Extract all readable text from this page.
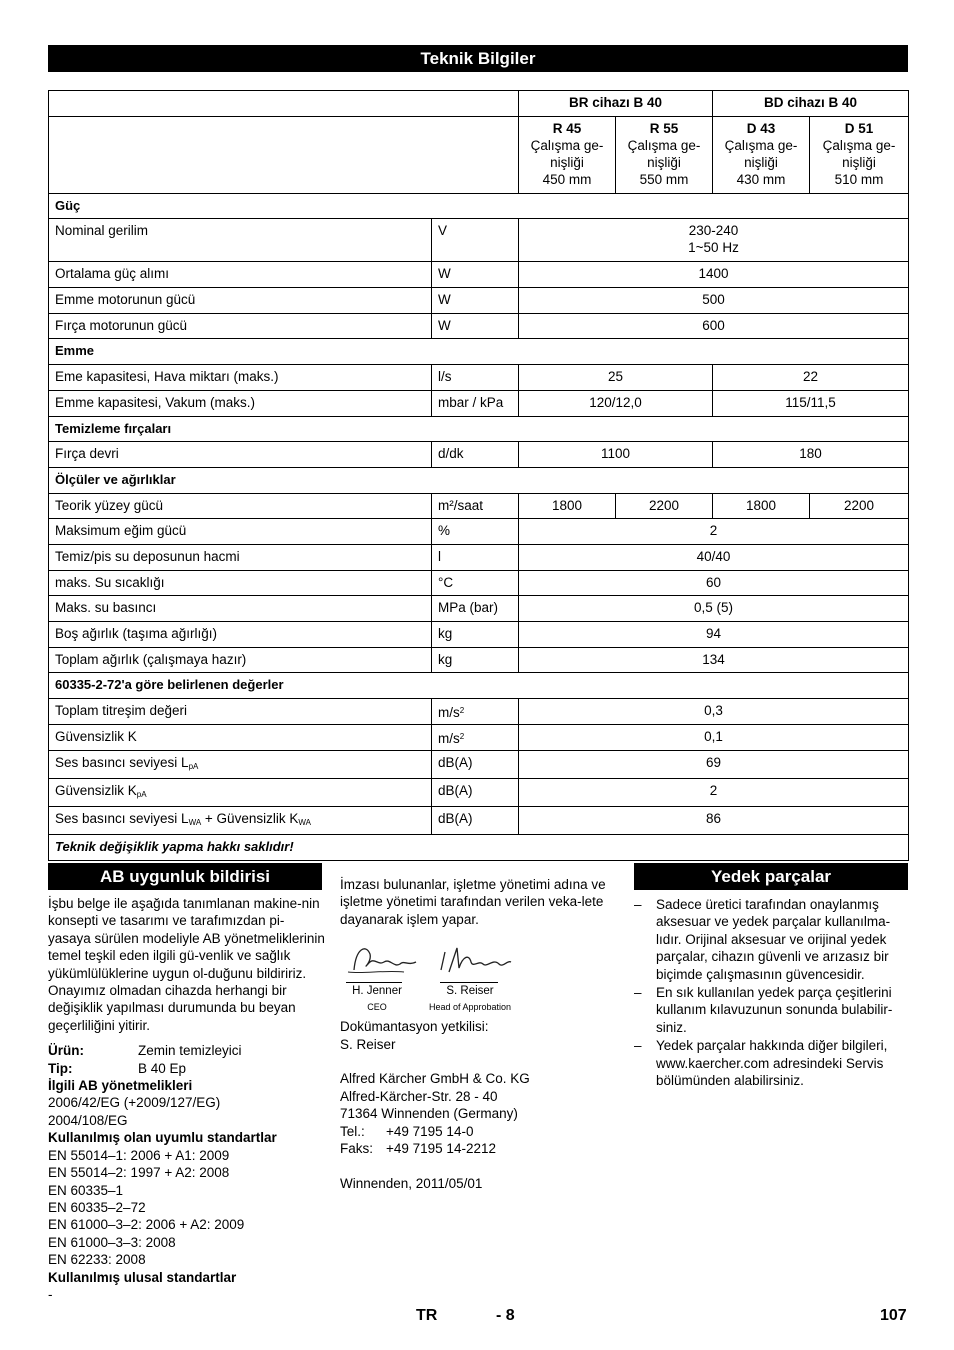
Teknik Bilgiler
		BR cihazı B 40		BD cihazı B 40	
		R 45
Çalışma ge-
nişliği
450 mm	R 55
Çalışma ge-
nişliği
550 mm	D 43
Çalışma ge-
nişliği
430 mm	D 51
Çalışma ge-
nişliği
510 mm
Güç					
Nominal gerilim	V	230-240
1~50 Hz			
Ortalama güç alımı	W	1400			
Emme motorunun gücü	W	500			
Fırça motorunun gücü	W	600			
Emme					
Eme kapasitesi, Hava miktarı (maks.)	l/s	25		22	
Emme kapasitesi, Vakum (maks.)	mbar / kPa	120/12,0		115/11,5	
Temizleme fırçaları					
Fırça devri	d/dk	1100		180	
Ölçüler ve ağırlıklar					
Teorik yüzey gücü	m²/saat	1800	2200	1800	2200
Maksimum eğim gücü	%	2			
Temiz/pis su deposunun hacmi	l	40/40			
maks. Su sıcaklığı	°C	60			
Maks. su basıncı	MPa (bar)	0,5 (5)			
Boş ağırlık (taşıma ağırlığı)	kg	94			
Toplam ağırlık (çalışmaya hazır)	kg	134			
60335-2-72'a göre belirlenen değerler					
Toplam titreşim değeri	$m/s^2$	0,3			
Güvensizlik K	$m/s^2$	0,1			
Ses basıncı seviyesi $L_{pA}$	dB(A)	69			
Güvensizlik $K_{pA}$	dB(A)	2			
Ses basıncı seviyesi $L_{WA}$ + Güvensizlik $K_{WA}$	dB(A)	86			
Teknik değişiklik yapma hakkı saklıdır!					
AB uygunluk bildirisi	Yedek parçalar

İşbu belge ile aşağıda tanımlanan makine-nin konsepti ve tasarımı ve tarafımızdan pi-yasaya sürülen modeliyle AB yönetmeliklerinin temel teşkil eden ilgili gü-venlik ve sağlık yükümlülüklerine uygun ol-duğunu bildiririz. Onayımız olmadan cihazda herhangi bir değişiklik yapılması durumunda bu beyan geçerliliğini yitirir.

Ürün:	Zemin temizleyici
Tip:	B 40 Ep
İlgili AB yönetmelikleri
2006/42/EG (+2009/127/EG)
2004/108/EG
Kullanılmış olan uyumlu standartlar
EN 55014–1: 2006 + A1: 2009
EN 55014–2: 1997 + A2: 2008
EN 60335–1
EN 60335–2–72
EN 61000–3–2: 2006 + A2: 2009
EN 61000–3–3: 2008
EN 62233: 2008
Kullanılmış ulusal standartlar
-

İmzası bulunanlar, işletme yönetimi adına ve işletme yönetimi tarafından verilen veka-lete dayanarak işlem yapar.

H. Jenner
CEO
S. Reiser
Head of Approbation
Dokümantasyon yetkilisi:
S. Reiser
Alfred Kärcher GmbH & Co. KG
Alfred-Kärcher-Str. 28 - 40
71364 Winnenden (Germany)
Tel.:	+49 7195 14-0
Faks: +49 7195 14-2212
Winnenden, 2011/05/01
– Sadece üretici tarafından onaylanmış aksesuar ve yedek parçalar kullanılma-lıdır. Orijinal aksesuar ve orijinal yedek parçalar, cihazın güvenli ve arızasız bir biçimde çalışmasının güvencesidir.
– En sık kullanılan yedek parça çeşitlerini kullanım kılavuzunun sonunda bulabilir-siniz.
– Yedek parçalar hakkında diğer bilgileri, www.kaercher.com adresindeki Servis bölümünden alabilirsiniz.
TR	- 8	107
